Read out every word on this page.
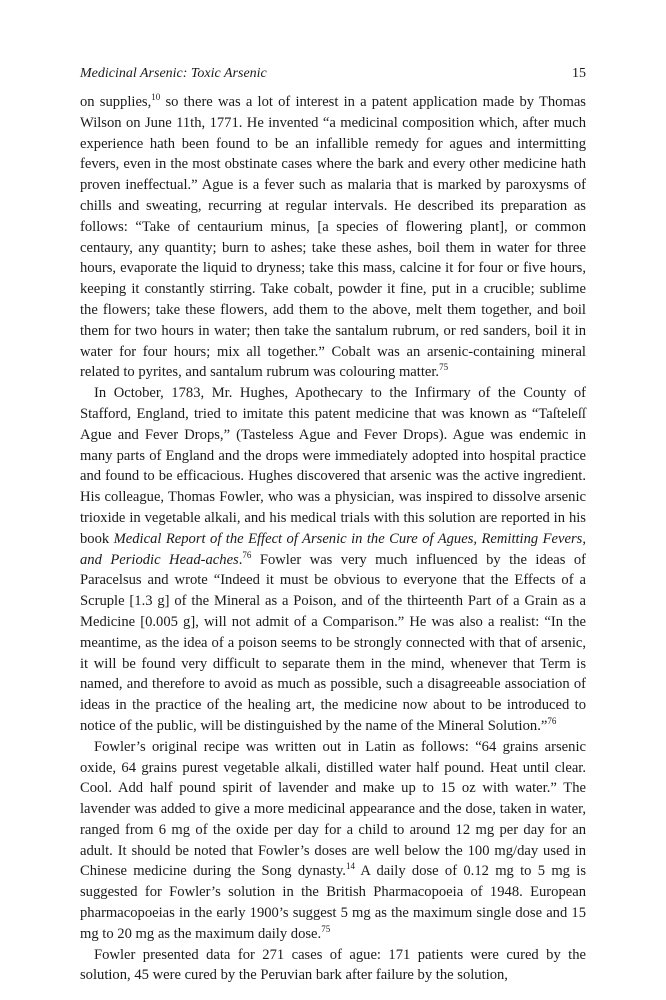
Medicinal Arsenic: Toxic Arsenic	15

on supplies,$^{10}$ so there was a lot of interest in a patent application made by Thomas Wilson on June 11th, 1771. He invented “a medicinal composition which, after much experience hath been found to be an infallible remedy for agues and intermitting fevers, even in the most obstinate cases where the bark and every other medicine hath proven ineffectual.” Ague is a fever such as malaria that is marked by paroxysms of chills and sweating, recurring at regular intervals. He described its preparation as follows: “Take of centaurium minus, [a species of flowering plant], or common centaury, any quantity; burn to ashes; take these ashes, boil them in water for three hours, evaporate the liquid to dryness; take this mass, calcine it for four or five hours, keeping it constantly stirring. Take cobalt, powder it fine, put in a crucible; sublime the flowers; take these flowers, add them to the above, melt them together, and boil them for two hours in water; then take the santalum rubrum, or red sanders, boil it in water for four hours; mix all together.” Cobalt was an arsenic-containing mineral related to pyrites, and santalum rubrum was colouring matter.$^{75}$

In October, 1783, Mr. Hughes, Apothecary to the Infirmary of the County of Stafford, England, tried to imitate this patent medicine that was known as “Taſteleſſ Ague and Fever Drops,” (Tasteless Ague and Fever Drops). Ague was endemic in many parts of England and the drops were immediately adopted into hospital practice and found to be efficacious. Hughes discovered that arsenic was the active ingredient. His colleague, Thomas Fowler, who was a physician, was inspired to dissolve arsenic trioxide in vegetable alkali, and his medical trials with this solution are reported in his book Medical Report of the Effect of Arsenic in the Cure of Agues, Remitting Fevers, and Periodic Head-aches.$^{76}$ Fowler was very much influenced by the ideas of Paracelsus and wrote “Indeed it must be obvious to everyone that the Effects of a Scruple [1.3 g] of the Mineral as a Poison, and of the thirteenth Part of a Grain as a Medicine [0.005 g], will not admit of a Comparison.” He was also a realist: “In the meantime, as the idea of a poison seems to be strongly connected with that of arsenic, it will be found very difficult to separate them in the mind, whenever that Term is named, and therefore to avoid as much as possible, such a disagreeable association of ideas in the practice of the healing art, the medicine now about to be introduced to notice of the public, will be distinguished by the name of the Mineral Solution.”$^{76}$

Fowler’s original recipe was written out in Latin as follows: “64 grains arsenic oxide, 64 grains purest vegetable alkali, distilled water half pound. Heat until clear. Cool. Add half pound spirit of lavender and make up to 15 oz with water.” The lavender was added to give a more medicinal appearance and the dose, taken in water, ranged from 6 mg of the oxide per day for a child to around 12 mg per day for an adult. It should be noted that Fowler’s doses are well below the 100 mg/day used in Chinese medicine during the Song dynasty.$^{14}$ A daily dose of 0.12 mg to 5 mg is suggested for Fowler’s solution in the British Pharmacopoeia of 1948. European pharmacopoeias in the early 1900’s suggest 5 mg as the maximum single dose and 15 mg to 20 mg as the maximum daily dose.$^{75}$

Fowler presented data for 271 cases of ague: 171 patients were cured by the solution, 45 were cured by the Peruvian bark after failure by the solution,
